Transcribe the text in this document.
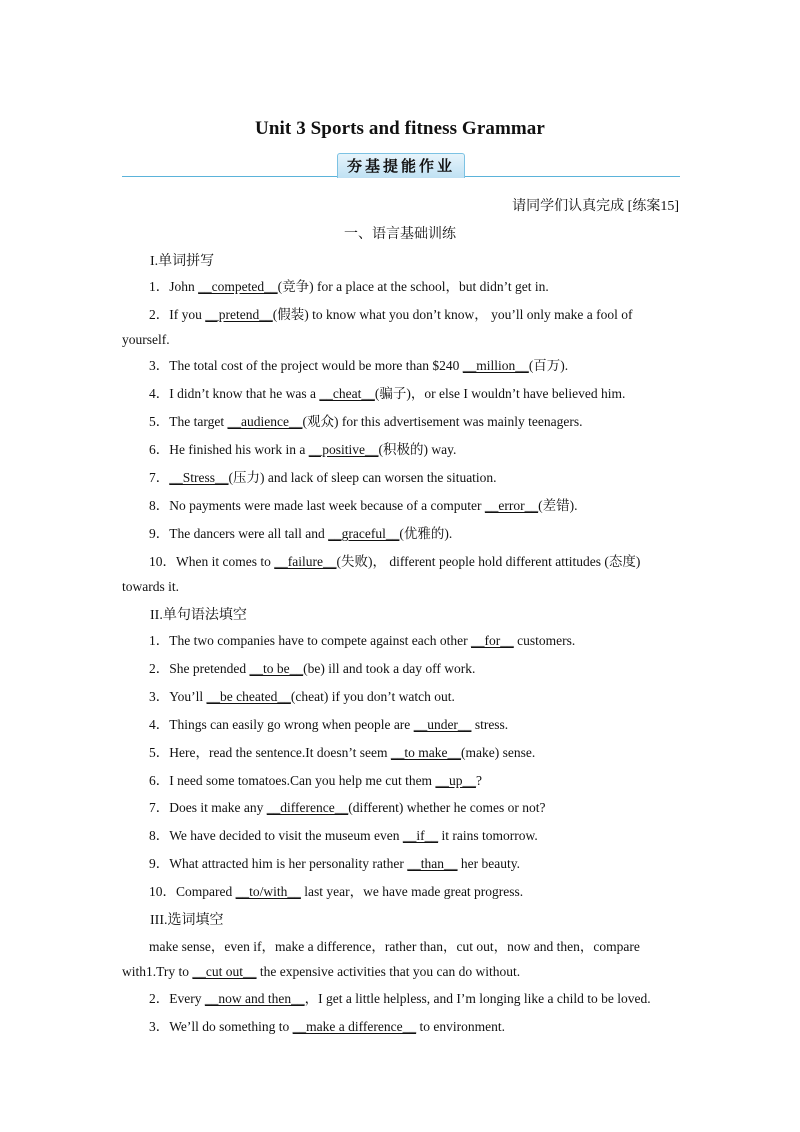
Unit 3 Sports and fitness Grammar
夯基提能作业
请同学们认真完成 [练案15]
一、语言基础训练
I.单词拼写
1．John __competed__(竞争) for a place at the school，but didn’t get in.
2．If you __pretend__(假装) to know what you don’t know， you’ll only make a fool of
yourself.
3．The total cost of the project would be more than $240 __million__(百万).
4．I didn’t know that he was a __cheat__(骗子)，or else I wouldn’t have believed him.
5．The target __audience__(观众) for this advertisement was mainly teenagers.
6．He finished his work in a __positive__(积极的) way.
7．__Stress__(压力) and lack of sleep can worsen the situation.
8．No payments were made last week because of a computer __error__(差错).
9．The dancers were all tall and __graceful__(优雅的).
10．When it comes to __failure__(失败)， different people hold different attitudes (态度)
towards it.
II.单句语法填空
1．The two companies have to compete against each other __for__ customers.
2．She pretended __to be__(be) ill and took a day off work.
3．You’ll __be cheated__(cheat) if you don’t watch out.
4．Things can easily go wrong when people are __under__ stress.
5．Here，read the sentence.It doesn’t seem __to make__(make) sense.
6．I need some tomatoes.Can you help me cut them __up__?
7．Does it make any __difference__(different) whether he comes or not?
8．We have decided to visit the museum even __if__ it rains tomorrow.
9．What attracted him is her personality rather __than__ her beauty.
10．Compared __to/with__ last year，we have made great progress.
III.选词填空
make sense，even if，make a difference，rather than，cut out，now and then，compare
with1.Try to __cut out__ the expensive activities that you can do without.
2．Every __now and then__，I get a little helpless, and I’m longing like a child to be loved.
3．We’ll do something to __make a difference__ to environment.
